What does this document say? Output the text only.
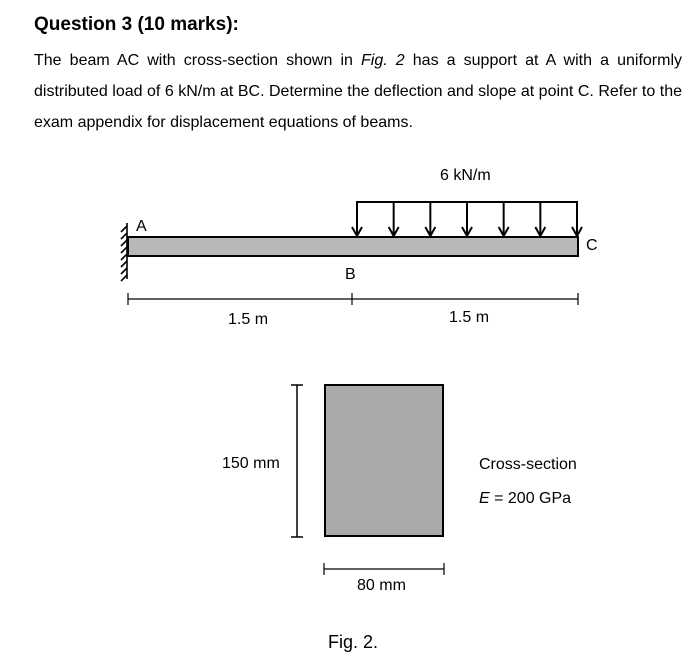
Question 3 (10 marks):

The beam AC with cross-section shown in Fig. 2 has a support at A with a uniformly distributed load of 6 kN/m at BC. Determine the deflection and slope at point C. Refer to the exam appendix for displacement equations of beams.

6 kN/m
A
B
C
1.5 m	1.5 m
150 mm
80 mm
Cross-section
E = 200 GPa
Fig. 2.
